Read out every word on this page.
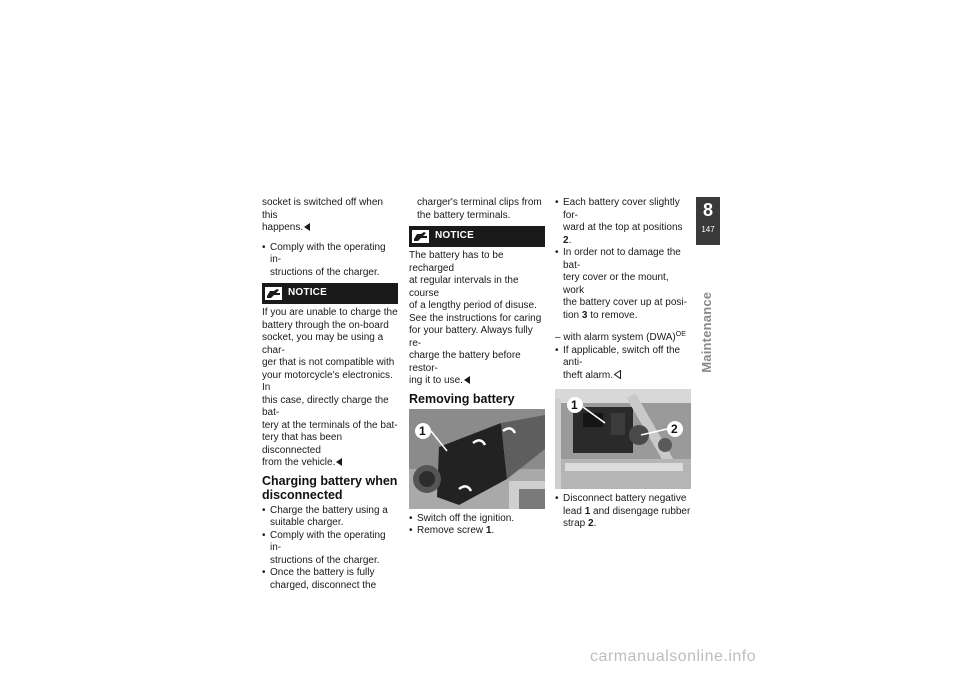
socket is switched off when this
happens.

• Comply with the operating in-
structions of the charger.
NOTICE

If you are unable to charge the
battery through the on-board
socket, you may be using a char-
ger that is not compatible with
your motorcycle's electronics. In
this case, directly charge the bat-
tery at the terminals of the bat-
tery that has been disconnected
from the vehicle.

Charging battery when disconnected
• Charge the battery using a
suitable charger.
• Comply with the operating in-
structions of the charger.
• Once the battery is fully
charged, disconnect the

charger's terminal clips from
the battery terminals.

NOTICE

The battery has to be recharged
at regular intervals in the course
of a lengthy period of disuse.
See the instructions for caring
for your battery. Always fully re-
charge the battery before restor-
ing it to use.

Removing battery
1
• Switch off the ignition.
• Remove screw 1.
• Each battery cover slightly for-
ward at the top at positions 2.
• In order not to damage the bat-
tery cover or the mount, work
the battery cover up at posi-
tion 3 to remove.

– with alarm system (DWA)$^{OE}$

• If applicable, switch off the anti-
theft alarm.
1
2
• Disconnect battery negative
lead 1 and disengage rubber
strap 2.
8
147
Maintenance
carmanualsonline.info
